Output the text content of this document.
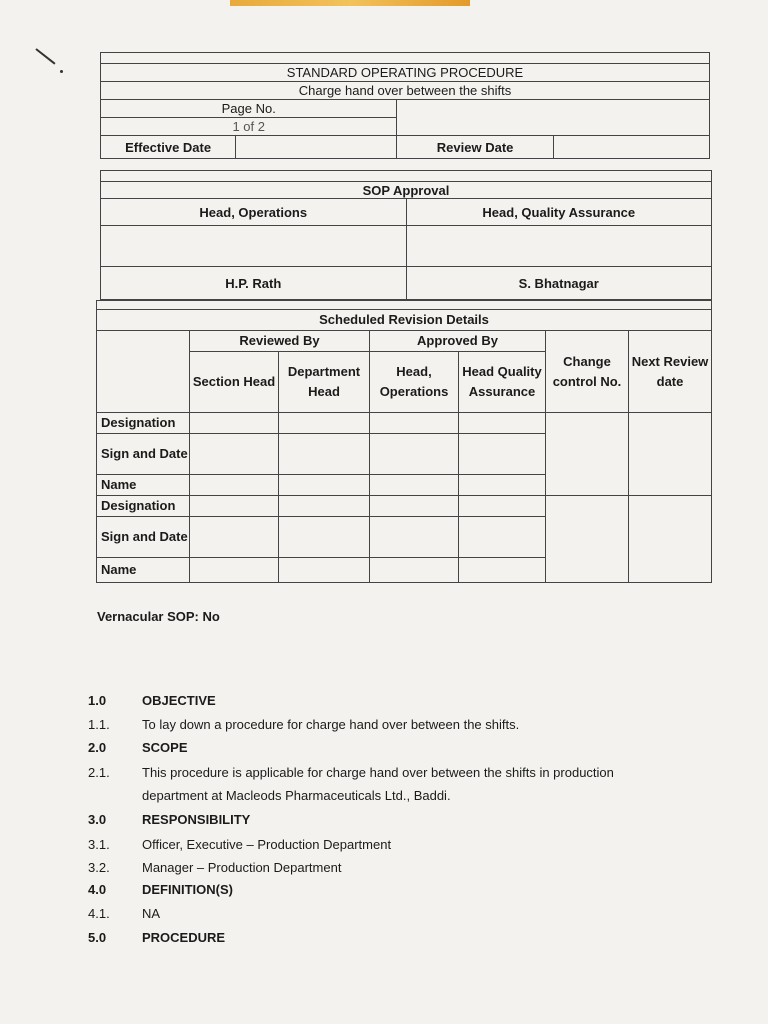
STANDARD OPERATING PROCEDURE			
Charge hand over between the shifts			
Page No.			
1 of 2			
Effective Date		Review Date	

SOP Approval	
Head, Operations	Head, Quality Assurance

H.P. Rath	S. Bhatnagar

Scheduled Revision Details						
	Reviewed By		Approved By		Change control No.	Next Review date
	Section Head	Department Head	Head, Operations	Head Quality Assurance		
Designation						
Sign and Date						
Name						
Designation						
Sign and Date						
Name						
Vernacular SOP: No
1.0	OBJECTIVE
1.1.	To lay down a procedure for charge hand over between the shifts.
2.0	SCOPE
2.1.	This procedure is applicable for charge hand over between the shifts in production
department at Macleods Pharmaceuticals Ltd., Baddi.
3.0	RESPONSIBILITY
3.1.	Officer, Executive – Production Department
3.2.	Manager – Production Department
4.0	DEFINITION(S)
4.1.	NA
5.0	PROCEDURE
